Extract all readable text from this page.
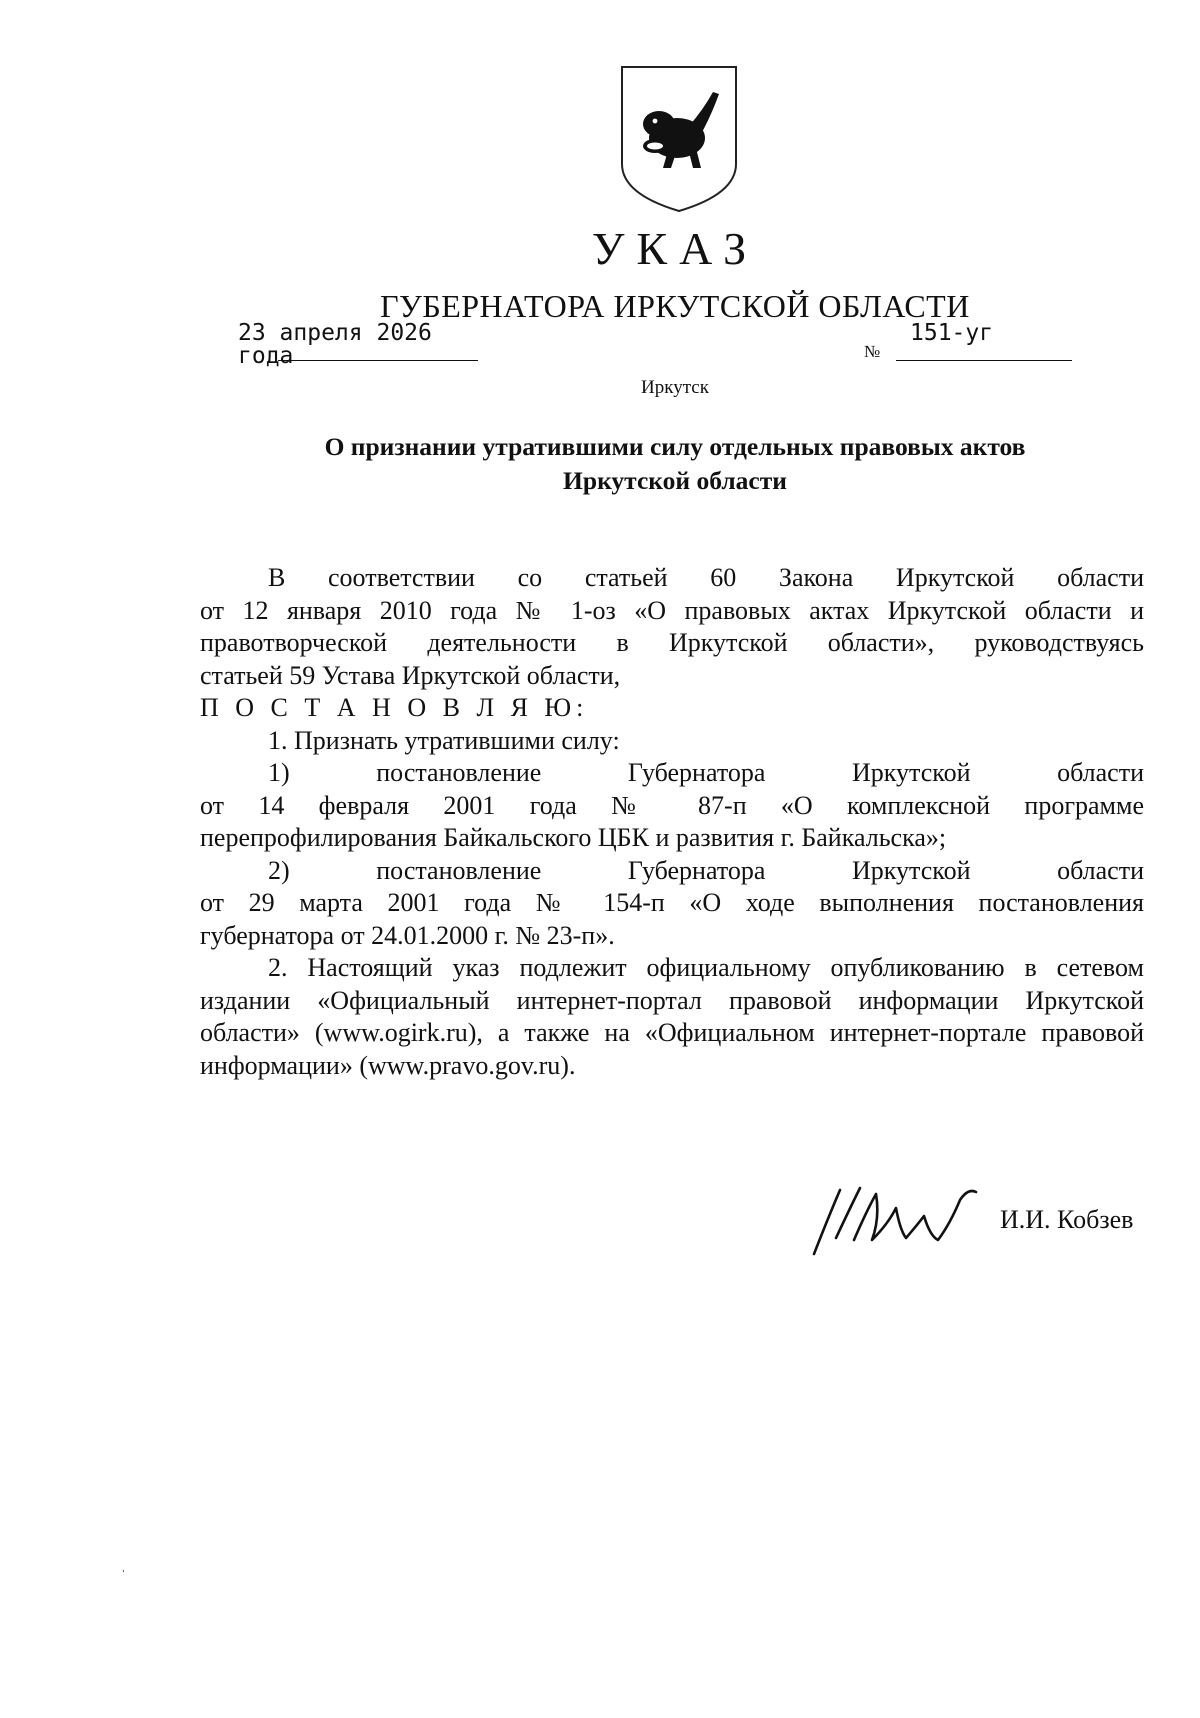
УКАЗ
ГУБЕРНАТОРА ИРКУТСКОЙ ОБЛАСТИ
23 апреля 2026 года	№
151-уг
Иркутск
О признании утратившими силу отдельных правовых актов
Иркутской области

В соответствии со статьей 60 Закона Иркутской области

от 12 января 2010 года № 1-оз «О правовых актах Иркутской области и

правотворческой деятельности в Иркутской области», руководствуясь

статьей 59 Устава Иркутской области,

П О С Т А Н О В Л Я Ю:

1. Признать утратившими силу:

1) постановление Губернатора Иркутской области

от 14 февраля 2001 года № 87-п «О комплексной программе

перепрофилирования Байкальского ЦБК и развития г. Байкальска»;

2) постановление Губернатора Иркутской области

от 29 марта 2001 года № 154-п «О ходе выполнения постановления

губернатора от 24.01.2000 г. № 23-п».

2. Настоящий указ подлежит официальному опубликованию в сетевом

издании «Официальный интернет-портал правовой информации Иркутской

области» (www.ogirk.ru), а также на «Официальном интернет-портале правовой

информации» (www.pravo.gov.ru).

И.И. Кобзев
ˌ
